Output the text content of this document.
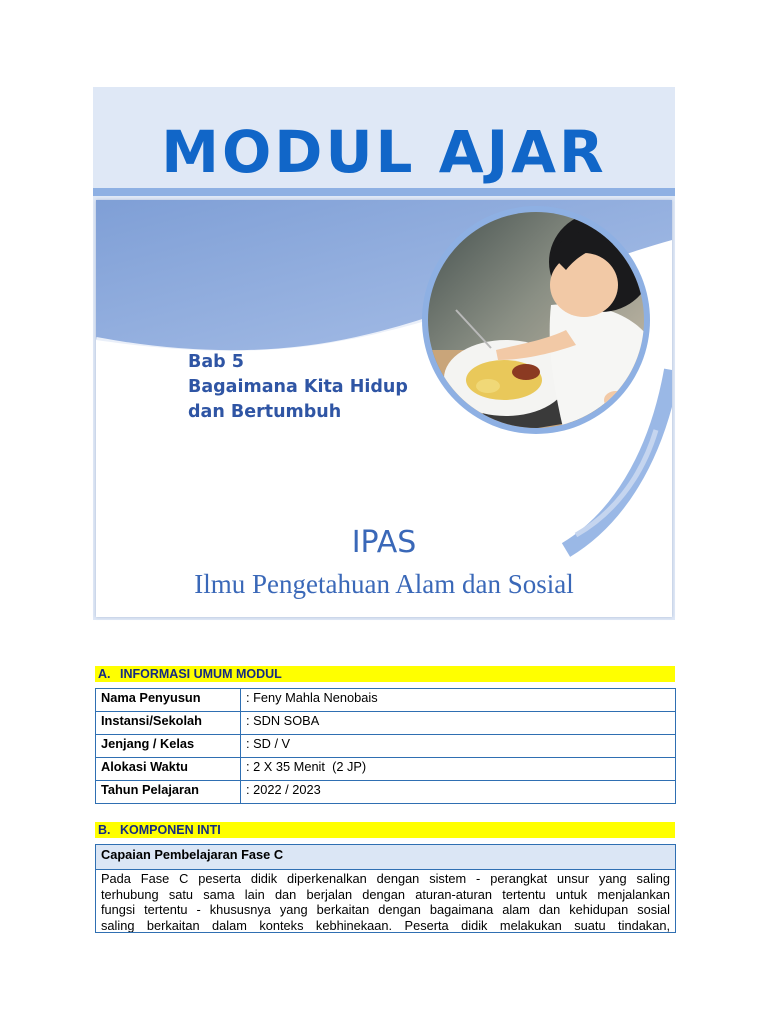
MODUL AJAR
Bab 5
Bagaimana Kita Hidup
dan Bertumbuh
IPAS
Ilmu Pengetahuan Alam dan Sosial
A. INFORMASI UMUM MODUL
Nama Penyusun	: Feny Mahla Nenobais
Instansi/Sekolah	: SDN SOBA
Jenjang / Kelas	: SD / V
Alokasi Waktu	: 2 X 35 Menit  (2 JP)
Tahun Pelajaran	: 2022 / 2023
B. KOMPONEN INTI
Capaian Pembelajaran Fase C
Pada Fase C peserta didik diperkenalkan dengan sistem - perangkat unsur yang saling
terhubung satu sama lain dan berjalan dengan aturan-aturan tertentu untuk menjalankan
fungsi tertentu - khususnya yang berkaitan dengan bagaimana alam dan kehidupan sosial
saling berkaitan dalam konteks kebhinekaan. Peserta didik melakukan suatu tindakan,
